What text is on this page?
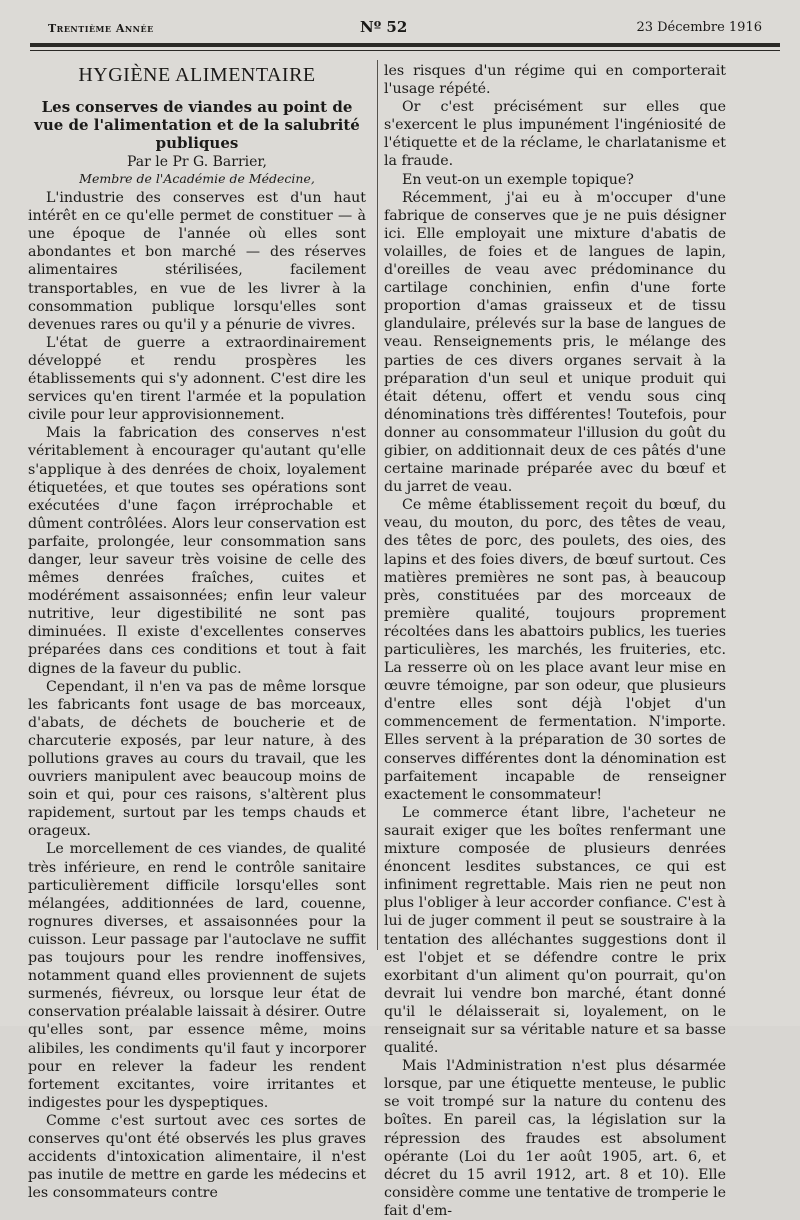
Trentième Année	Nº 52	23 Décembre 1916
HYGIÈNE ALIMENTAIRE
Les conserves de viandes au point de vue de l'alimentation et de la salubrité publiques
Par le Pr G. Barrier,
Membre de l'Académie de Médecine,

L'industrie des conserves est d'un haut intérêt en ce qu'elle permet de constituer — à une époque de l'année où elles sont abondantes et bon marché — des réserves alimentaires stérilisées, facilement transportables, en vue de les livrer à la consommation publique lorsqu'elles sont devenues rares ou qu'il y a pénurie de vivres.

L'état de guerre a extraordinairement développé et rendu prospères les établissements qui s'y adonnent. C'est dire les services qu'en tirent l'armée et la population civile pour leur approvisionnement.

Mais la fabrication des conserves n'est véritablement à encourager qu'autant qu'elle s'applique à des denrées de choix, loyalement étiquetées, et que toutes ses opérations sont exécutées d'une façon irréprochable et dûment contrôlées. Alors leur conservation est parfaite, prolongée, leur consommation sans danger, leur saveur très voisine de celle des mêmes denrées fraîches, cuites et modérément assaisonnées; enfin leur valeur nutritive, leur digestibilité ne sont pas diminuées. Il existe d'excellentes conserves préparées dans ces conditions et tout à fait dignes de la faveur du public.

Cependant, il n'en va pas de même lorsque les fabricants font usage de bas morceaux, d'abats, de déchets de boucherie et de charcuterie exposés, par leur nature, à des pollutions graves au cours du travail, que les ouvriers manipulent avec beaucoup moins de soin et qui, pour ces raisons, s'altèrent plus rapidement, surtout par les temps chauds et orageux.

Le morcellement de ces viandes, de qualité très inférieure, en rend le contrôle sanitaire particulièrement difficile lorsqu'elles sont mélangées, additionnées de lard, couenne, rognures diverses, et assaisonnées pour la cuisson. Leur passage par l'autoclave ne suffit pas toujours pour les rendre inoffensives, notamment quand elles proviennent de sujets surmenés, fiévreux, ou lorsque leur état de conservation préalable laissait à désirer. Outre qu'elles sont, par essence même, moins alibiles, les condiments qu'il faut y incorporer pour en relever la fadeur les rendent fortement excitantes, voire irritantes et indigestes pour les dyspeptiques.

Comme c'est surtout avec ces sortes de conserves qu'ont été observés les plus graves accidents d'intoxication alimentaire, il n'est pas inutile de mettre en garde les médecins et les consommateurs contre

les risques d'un régime qui en comporterait l'usage répété.

Or c'est précisément sur elles que s'exercent le plus impunément l'ingéniosité de l'étiquette et de la réclame, le charlatanisme et la fraude.

En veut-on un exemple topique?

Récemment, j'ai eu à m'occuper d'une fabrique de conserves que je ne puis désigner ici. Elle employait une mixture d'abatis de volailles, de foies et de langues de lapin, d'oreilles de veau avec prédominance du cartilage conchinien, enfin d'une forte proportion d'amas graisseux et de tissu glandulaire, prélevés sur la base de langues de veau. Renseignements pris, le mélange des parties de ces divers organes servait à la préparation d'un seul et unique produit qui était détenu, offert et vendu sous cinq dénominations très différentes! Toutefois, pour donner au consommateur l'illusion du goût du gibier, on additionnait deux de ces pâtés d'une certaine marinade préparée avec du bœuf et du jarret de veau.

Ce même établissement reçoit du bœuf, du veau, du mouton, du porc, des têtes de veau, des têtes de porc, des poulets, des oies, des lapins et des foies divers, de bœuf surtout. Ces matières premières ne sont pas, à beaucoup près, constituées par des morceaux de première qualité, toujours proprement récoltées dans les abattoirs publics, les tueries particulières, les marchés, les fruiteries, etc. La resserre où on les place avant leur mise en œuvre témoigne, par son odeur, que plusieurs d'entre elles sont déjà l'objet d'un commencement de fermentation. N'importe. Elles servent à la préparation de 30 sortes de conserves différentes dont la dénomination est parfaitement incapable de renseigner exactement le consommateur!

Le commerce étant libre, l'acheteur ne saurait exiger que les boîtes renfermant une mixture composée de plusieurs denrées énoncent lesdites substances, ce qui est infiniment regrettable. Mais rien ne peut non plus l'obliger à leur accorder confiance. C'est à lui de juger comment il peut se soustraire à la tentation des alléchantes suggestions dont il est l'objet et se défendre contre le prix exorbitant d'un aliment qu'on pourrait, qu'on devrait lui vendre bon marché, étant donné qu'il le délaisserait si, loyalement, on le renseignait sur sa véritable nature et sa basse qualité.

Mais l'Administration n'est plus désarmée lorsque, par une étiquette menteuse, le public se voit trompé sur la nature du contenu des boîtes. En pareil cas, la législation sur la répression des fraudes est absolument opérante (Loi du 1er août 1905, art. 6, et décret du 15 avril 1912, art. 8 et 10). Elle considère comme une tentative de tromperie le fait d'em-
